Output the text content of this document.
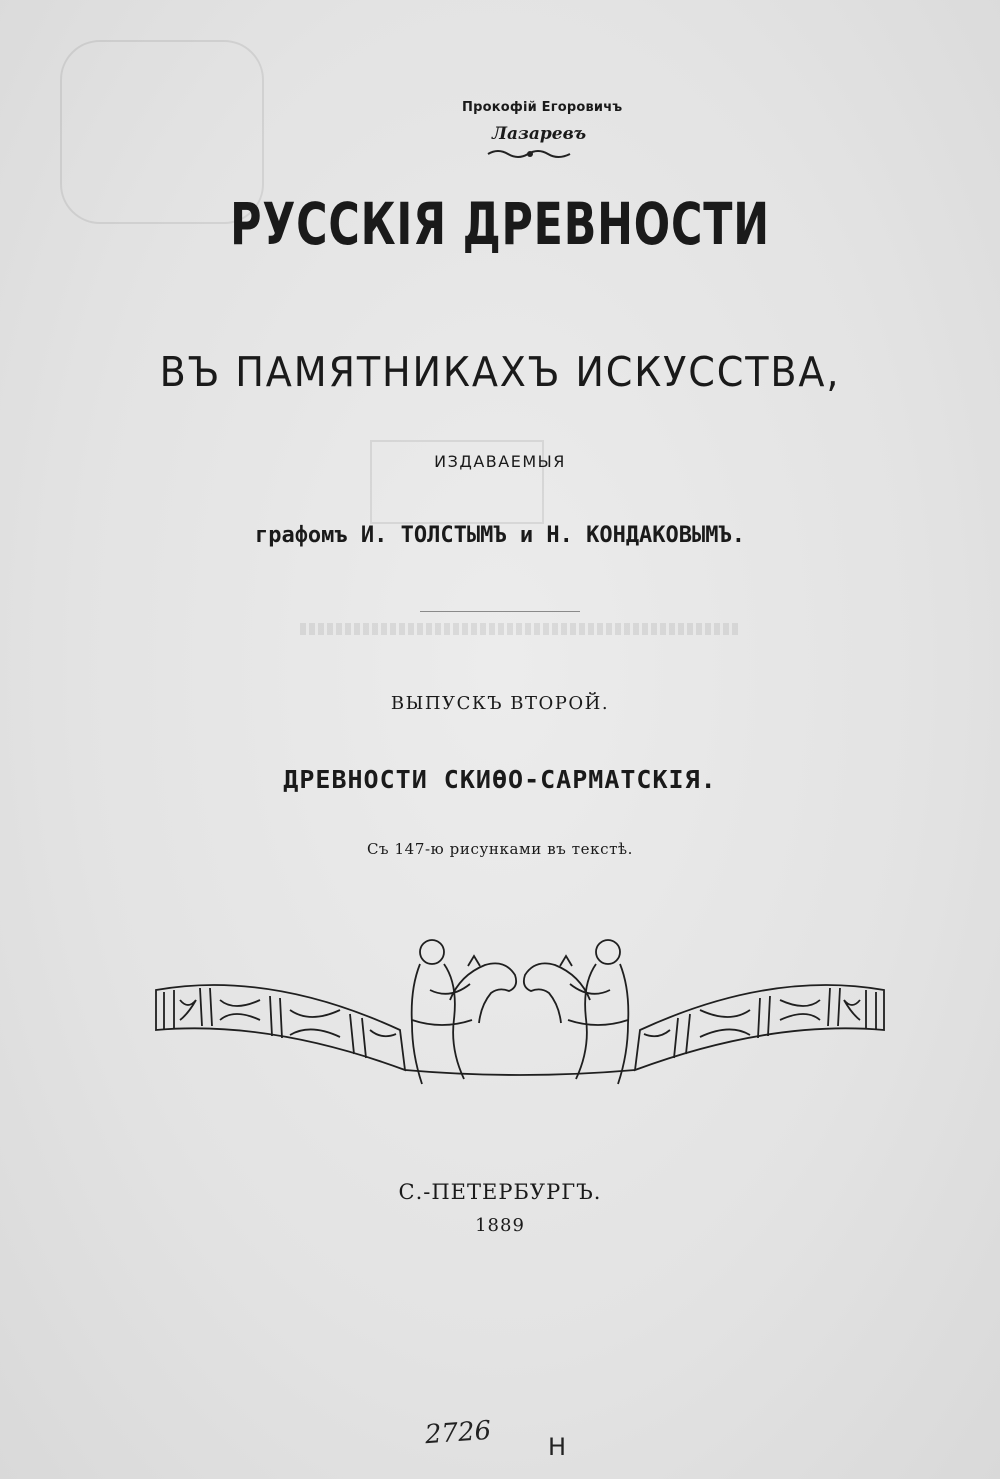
Прокофій Егоровичъ
Лазаревъ
РУССКІЯ ДРЕВНОСТИ
ВЪ ПАМЯТНИКАХЪ ИСКУССТВА,
ИЗДАВАЕМЫЯ
графомъ И. ТОЛСТЫМЪ и Н. КОНДАКОВЫМЪ.
ВЫПУСКЪ ВТОРОЙ.
ДРЕВНОСТИ СКИѲО-САРМАТСКІЯ.
Съ 147-ю рисунками въ текстѣ.
С.-ПЕТЕРБУРГЪ.
1889
2726 Н
